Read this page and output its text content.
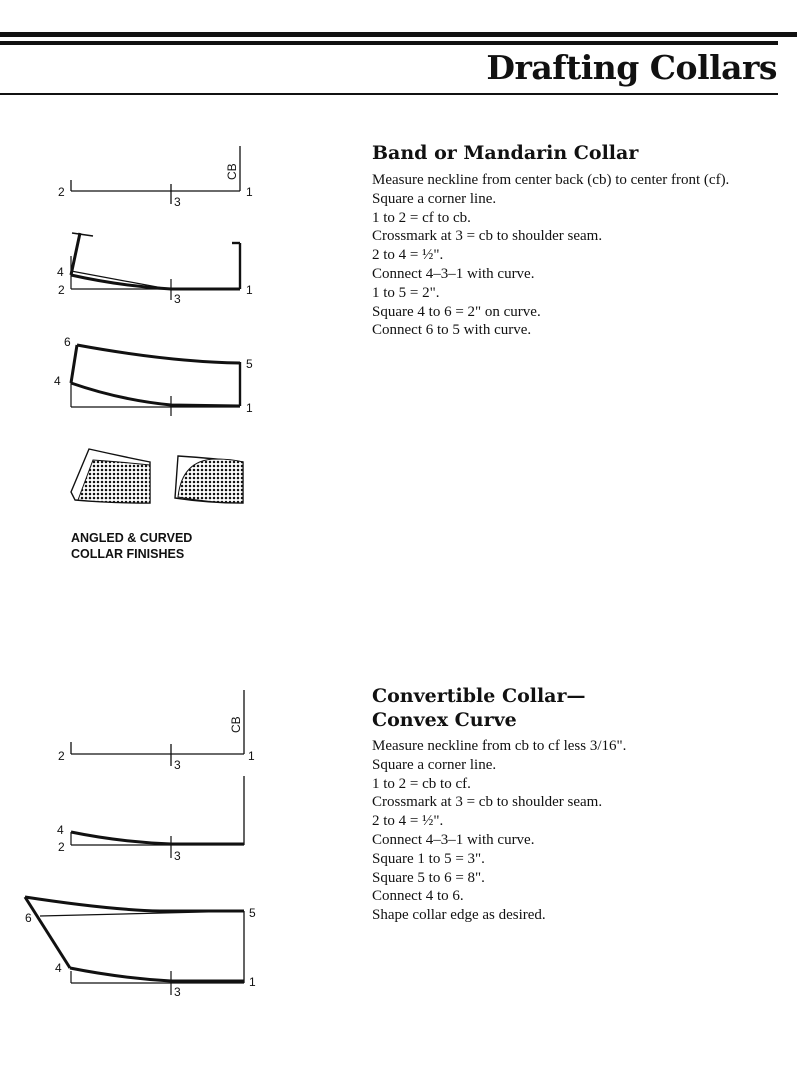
Drafting Collars
Band or Mandarin Collar
Measure neckline from center back (cb) to center front (cf).
Square a corner line.
1 to 2 = cf to cb.
Crossmark at 3 = cb to shoulder seam.
2 to 4 = ½".
Connect 4–3–1 with curve.
1 to 5 = 2".
Square 4 to 6 = 2" on curve.
Connect 6 to 5 with curve.
CB
2	1
3
4
2	1
3
6
5
4
1
CB
2	1
3
4
2
3
6	5
4
1
3
ANGLED & CURVED
COLLAR FINISHES
Convertible Collar—
Convex Curve
Measure neckline from cb to cf less 3/16".
Square a corner line.
1 to 2 = cb to cf.
Crossmark at 3 = cb to shoulder seam.
2 to 4 = ½".
Connect 4–3–1 with curve.
Square 1 to 5 = 3".
Square 5 to 6 = 8".
Connect 4 to 6.
Shape collar edge as desired.
